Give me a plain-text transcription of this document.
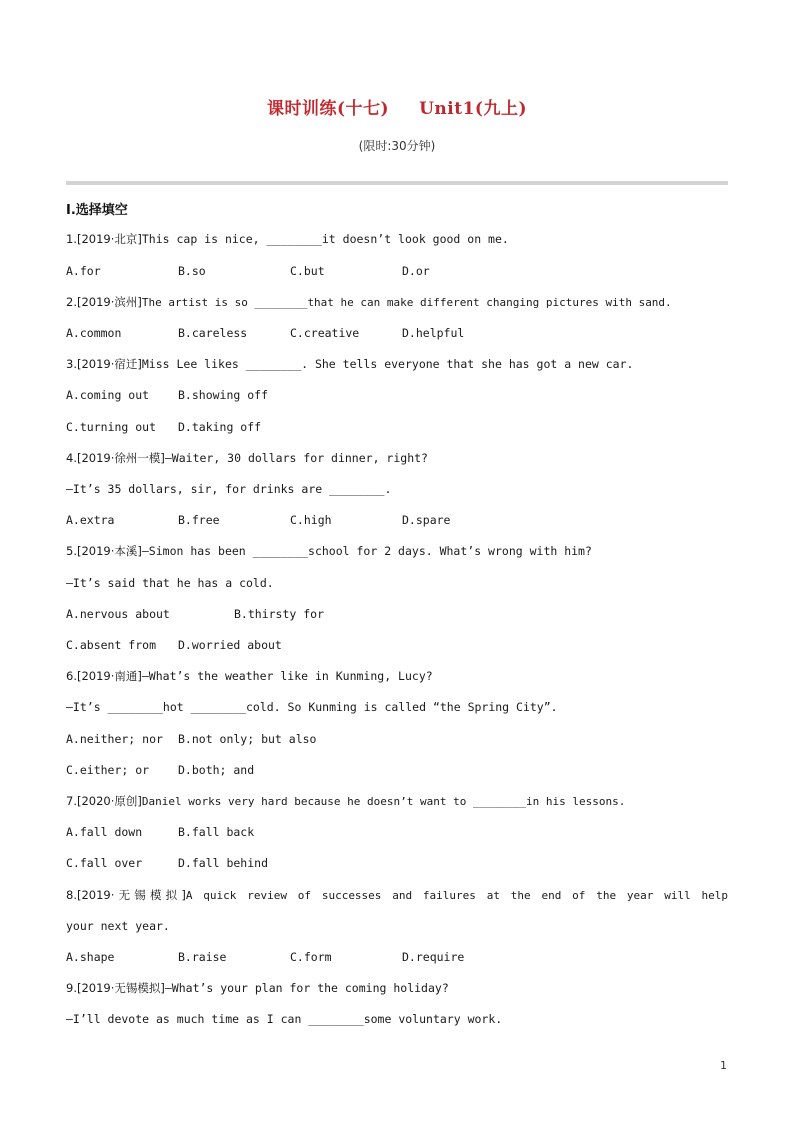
课时训练(十七) Unit1(九上)
(限时:30分钟)
Ⅰ.选择填空
1.[2019·北京]This cap is nice, ________it doesn’t look good on me.
A.for	B.so	C.but	D.or
2.[2019·滨州]The artist is so ________that he can make different changing pictures with sand.
A.common	B.careless	C.creative	D.helpful
3.[2019·宿迁]Miss Lee likes ________. She tells everyone that she has got a new car.
A.coming out	B.showing off
C.turning out D.taking off
4.[2019·徐州一模]—Waiter, 30 dollars for dinner, right?
—It’s 35 dollars, sir, for drinks are ________.
A.extra	B.free	C.high	D.spare
5.[2019·本溪]—Simon has been ________school for 2 days. What’s wrong with him?
—It’s said that he has a cold.
A.nervous about	B.thirsty for
C.absent from D.worried about
6.[2019·南通]—What’s the weather like in Kunming, Lucy?
—It’s ________hot ________cold. So Kunming is called “the Spring City”.
A.neither; nor B.not only; but also
C.either; or	D.both; and
7.[2020·原创]Daniel works very hard because he doesn’t want to ________in his lessons.
A.fall down	B.fall back
C.fall over	D.fall behind
8.[2019·无锡模拟]A quick review of successes and failures at the end of the year will help
your next year.
A.shape	B.raise	C.form	D.require
9.[2019·无锡模拟]—What’s your plan for the coming holiday?
—I’ll devote as much time as I can ________some voluntary work.
1
